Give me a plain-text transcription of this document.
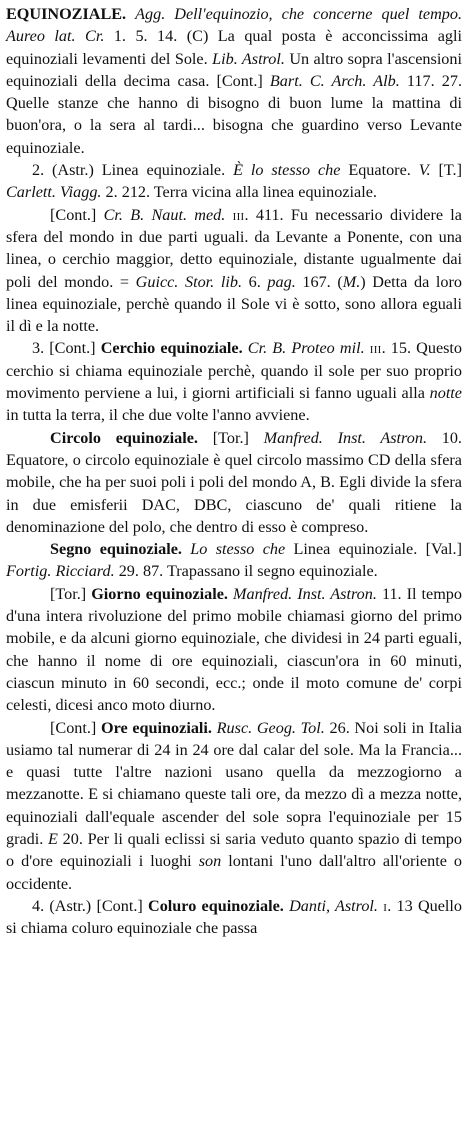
EQUINOZIALE. Agg. Dell'equinozio, che concerne quel tempo. Aureo lat. Cr. 1. 5. 14. (C) La qual posta è acconcissima agli equinoziali levamenti del Sole. Lib. Astrol. Un altro sopra l'ascensioni equinoziali della decima casa. [Cont.] Bart. C. Arch. Alb. 117. 27. Quelle stanze che hanno di bisogno di buon lume la mattina di buon'ora, o la sera al tardi... bisogna che guardino verso Levante equinoziale.

2. (Astr.) Linea equinoziale. È lo stesso che Equatore. V. [T.] Carlett. Viagg. 2. 212. Terra vicina alla linea equinoziale.

[Cont.] Cr. B. Naut. med. iii. 411. Fu necessario dividere la sfera del mondo in due parti uguali. da Levante a Ponente, con una linea, o cerchio maggior, detto equinoziale, distante ugualmente dai poli del mondo. = Guicc. Stor. lib. 6. pag. 167. (M.) Detta da loro linea equinoziale, perchè quando il Sole vi è sotto, sono allora eguali il dì e la notte.

3. [Cont.] Cerchio equinoziale. Cr. B. Proteo mil. iii. 15. Questo cerchio si chiama equinoziale perchè, quando il sole per suo proprio movimento perviene a lui, i giorni artificiali si fanno uguali alla notte in tutta la terra, il che due volte l'anno avviene.

Circolo equinoziale. [Tor.] Manfred. Inst. Astron. 10. Equatore, o circolo equinoziale è quel circolo massimo CD della sfera mobile, che ha per suoi poli i poli del mondo A, B. Egli divide la sfera in due emisferii DAC, DBC, ciascuno de' quali ritiene la denominazione del polo, che dentro di esso è compreso.

Segno equinoziale. Lo stesso che Linea equinoziale. [Val.] Fortig. Ricciard. 29. 87. Trapassano il segno equinoziale.

[Tor.] Giorno equinoziale. Manfred. Inst. Astron. 11. Il tempo d'una intera rivoluzione del primo mobile chiamasi giorno del primo mobile, e da alcuni giorno equinoziale, che dividesi in 24 parti eguali, che hanno il nome di ore equinoziali, ciascun'ora in 60 minuti, ciascun minuto in 60 secondi, ecc.; onde il moto comune de' corpi celesti, dicesi anco moto diurno.

[Cont.] Ore equinoziali. Rusc. Geog. Tol. 26. Noi soli in Italia usiamo tal numerar di 24 in 24 ore dal calar del sole. Ma la Francia... e quasi tutte l'altre nazioni usano quella da mezzogiorno a mezzanotte. E si chiamano queste tali ore, da mezzo dì a mezza notte, equinoziali dall'equale ascender del sole sopra l'equinoziale per 15 gradi. E 20. Per li quali eclissi si saria veduto quanto spazio di tempo o d'ore equinoziali i luoghi son lontani l'uno dall'altro all'oriente o occidente.

4. (Astr.) [Cont.] Coluro equinoziale. Danti, Astrol. i. 13 Quello si chiama coluro equinoziale che passa
